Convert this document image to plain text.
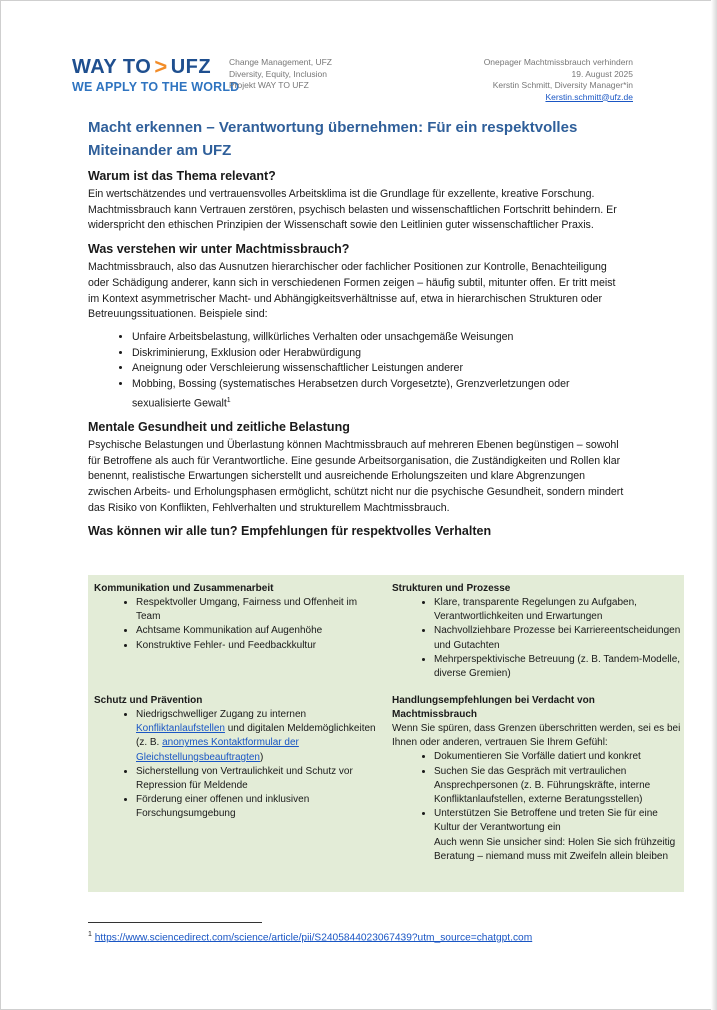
WAY TO > UFZ
WE APPLY TO THE WORLD
Change Management, UFZ
Diversity, Equity, Inclusion
Projekt WAY TO UFZ
Onepager Machtmissbrauch verhindern
19. August 2025
Kerstin Schmitt, Diversity Manager*in
Kerstin.schmitt@ufz.de
Macht erkennen – Verantwortung übernehmen: Für ein respektvolles Miteinander am UFZ
Warum ist das Thema relevant?

Ein wertschätzendes und vertrauensvolles Arbeitsklima ist die Grundlage für exzellente, kreative Forschung. Machtmissbrauch kann Vertrauen zerstören, psychisch belasten und wissenschaftlichen Fortschritt behindern. Er widerspricht den ethischen Prinzipien der Wissenschaft sowie den Leitlinien guter wissenschaftlicher Praxis.

Was verstehen wir unter Machtmissbrauch?

Machtmissbrauch, also das Ausnutzen hierarchischer oder fachlicher Positionen zur Kontrolle, Benachteiligung oder Schädigung anderer, kann sich in verschiedenen Formen zeigen – häufig subtil, mitunter offen. Er tritt meist im Kontext asymmetrischer Macht- und Abhängigkeitsverhältnisse auf, etwa in hierarchischen Strukturen oder Betreuungssituationen. Beispiele sind:

• Unfaire Arbeitsbelastung, willkürliches Verhalten oder unsachgemäße Weisungen
• Diskriminierung, Exklusion oder Herabwürdigung
• Aneignung oder Verschleierung wissenschaftlicher Leistungen anderer
• Mobbing, Bossing (systematisches Herabsetzen durch Vorgesetzte), Grenzverletzungen oder sexualisierte Gewalt$^1$
Mentale Gesundheit und zeitliche Belastung

Psychische Belastungen und Überlastung können Machtmissbrauch auf mehreren Ebenen begünstigen – sowohl für Betroffene als auch für Verantwortliche. Eine gesunde Arbeitsorganisation, die Zuständigkeiten und Rollen klar benennt, realistische Erwartungen sicherstellt und ausreichende Erholungszeiten und klare Abgrenzungen zwischen Arbeits- und Erholungsphasen ermöglicht, schützt nicht nur die psychische Gesundheit, sondern mindert das Risiko von Konflikten, Fehlverhalten und strukturellem Machtmissbrauch.

Was können wir alle tun? Empfehlungen für respektvolles Verhalten
Kommunikation und Zusammenarbeit
• Respektvoller Umgang, Fairness und Offenheit im Team
• Achtsame Kommunikation auf Augenhöhe
• Konstruktive Fehler- und Feedbackkultur
Strukturen und Prozesse
• Klare, transparente Regelungen zu Aufgaben, Verantwortlichkeiten und Erwartungen
• Nachvollziehbare Prozesse bei Karriereentscheidungen und Gutachten
• Mehrperspektivische Betreuung (z. B. Tandem-Modelle, diverse Gremien)
Schutz und Prävention
• Niedrigschwelliger Zugang zu internen Konfliktanlaufstellen und digitalen Meldemöglichkeiten (z. B. anonymes Kontaktformular der Gleichstellungsbeauftragten)
• Sicherstellung von Vertraulichkeit und Schutz vor Repression für Meldende
• Förderung einer offenen und inklusiven Forschungsumgebung
Handlungsempfehlungen bei Verdacht von Machtmissbrauch

Wenn Sie spüren, dass Grenzen überschritten werden, sei es bei Ihnen oder anderen, vertrauen Sie Ihrem Gefühl:

• Dokumentieren Sie Vorfälle datiert und konkret
• Suchen Sie das Gespräch mit vertraulichen Ansprechpersonen (z. B. Führungskräfte, interne Konfliktanlaufstellen, externe Beratungsstellen)
• Unterstützen Sie Betroffene und treten Sie für eine Kultur der Verantwortung ein
Auch wenn Sie unsicher sind: Holen Sie sich frühzeitig Beratung – niemand muss mit Zweifeln allein bleiben
$^1$ https://www.sciencedirect.com/science/article/pii/S2405844023067439?utm_source=chatgpt.com
